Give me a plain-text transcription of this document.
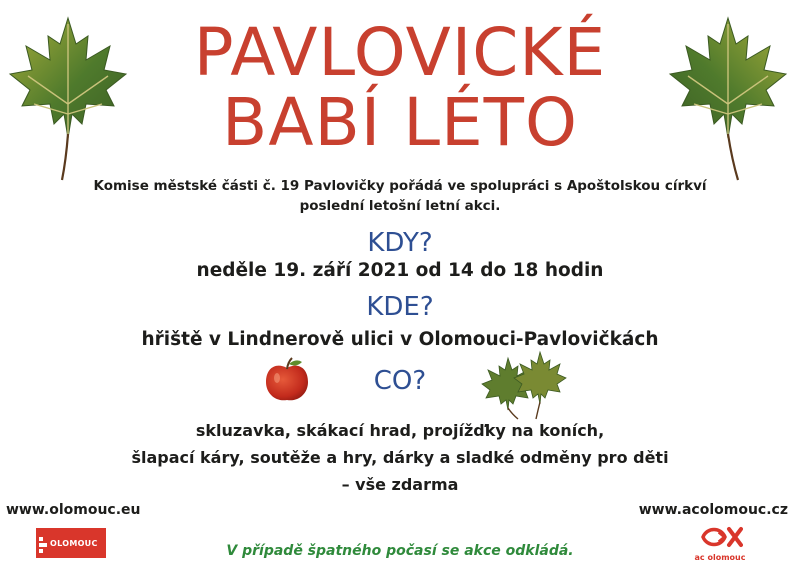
PAVLOVICKÉ
BABÍ LÉTO
Komise městské části č. 19 Pavlovičky pořádá ve spolupráci s Apoštolskou církví
poslední letošní letní akci.
KDY?
neděle 19. září 2021 od 14 do 18 hodin
KDE?
hřiště v Lindnerově ulici v Olomouci-Pavlovičkách
CO?
skluzavka, skákací hrad, projížďky na koních,
šlapací káry, soutěže a hry, dárky a sladké odměny pro děti
– vše zdarma
www.olomouc.eu	www.acolomouc.cz
OLOMOUC	V případě špatného počasí se akce odkládá.	ac olomouc
